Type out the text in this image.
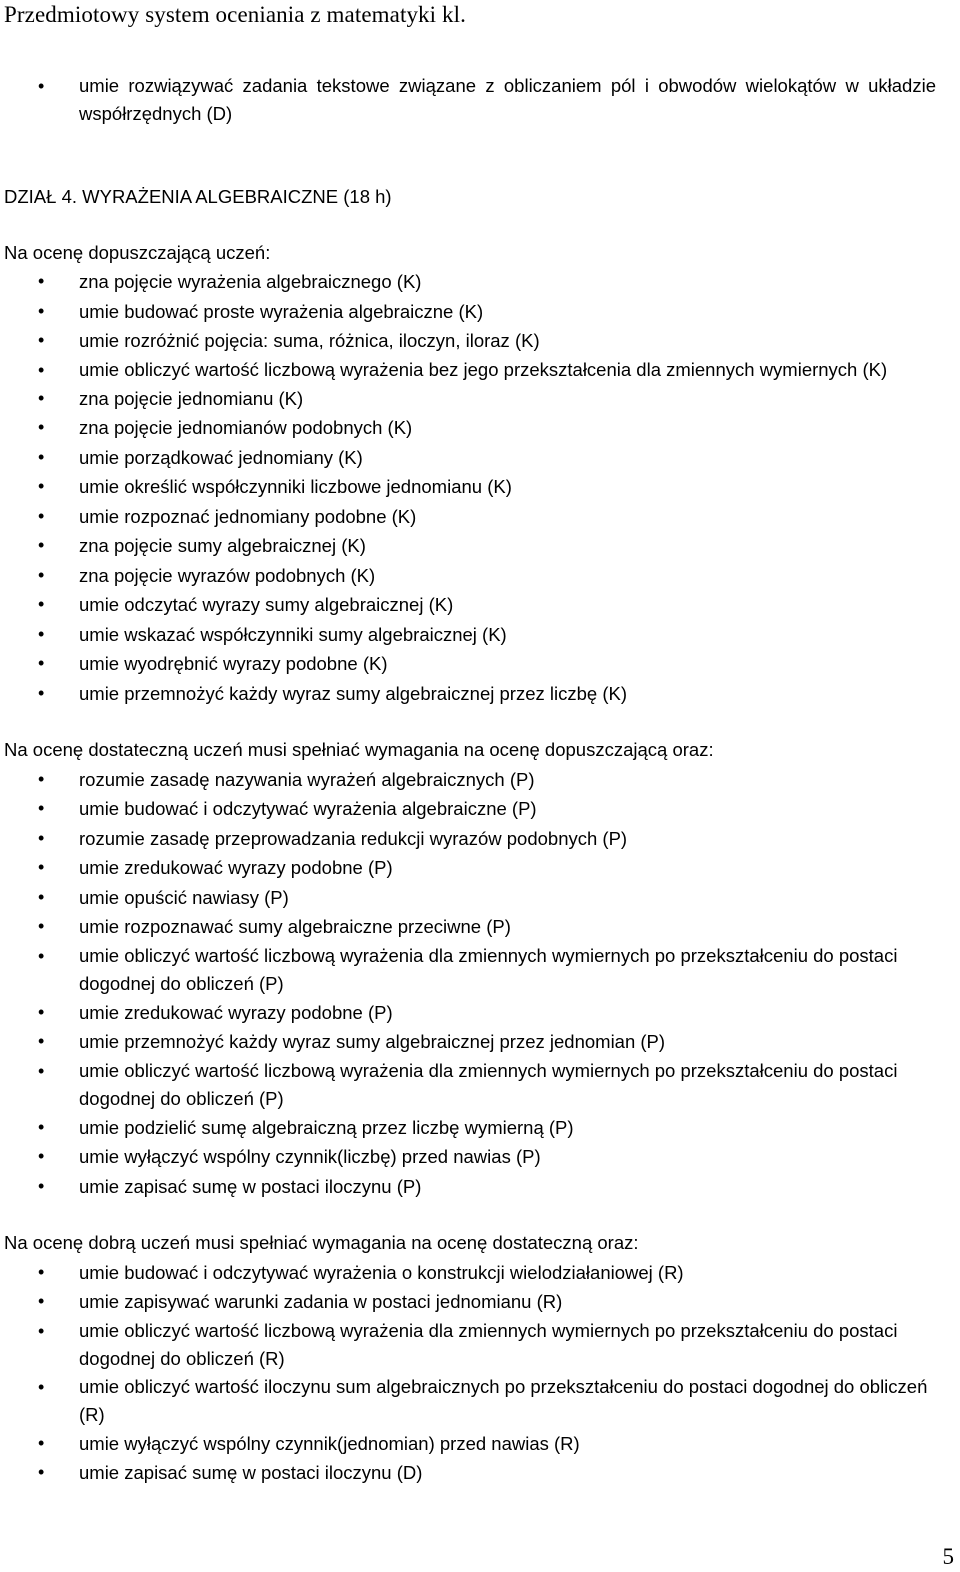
Przedmiotowy system oceniania z matematyki kl.
• umie rozwiązywać zadania tekstowe związane z obliczaniem pól i obwodów wielokątów w układzie współrzędnych (D)
DZIAŁ 4. WYRAŻENIA ALGEBRAICZNE (18 h)
Na ocenę dopuszczającą uczeń:
• zna pojęcie wyrażenia algebraicznego (K)
• umie budować proste wyrażenia algebraiczne (K)
• umie rozróżnić pojęcia: suma, różnica, iloczyn, iloraz (K)
• umie obliczyć wartość liczbową wyrażenia bez jego przekształcenia dla zmiennych wymiernych (K)
• zna pojęcie jednomianu (K)
• zna pojęcie jednomianów podobnych (K)
• umie porządkować jednomiany (K)
• umie określić współczynniki liczbowe jednomianu (K)
• umie rozpoznać jednomiany podobne (K)
• zna pojęcie sumy algebraicznej (K)
• zna pojęcie wyrazów podobnych (K)
• umie odczytać wyrazy sumy algebraicznej (K)
• umie wskazać współczynniki sumy algebraicznej (K)
• umie wyodrębnić wyrazy podobne (K)
• umie przemnożyć każdy wyraz sumy algebraicznej przez liczbę (K)
Na ocenę dostateczną uczeń musi spełniać wymagania na ocenę dopuszczającą oraz:
• rozumie zasadę nazywania wyrażeń algebraicznych (P)
• umie budować i odczytywać wyrażenia algebraiczne (P)
• rozumie zasadę przeprowadzania redukcji wyrazów podobnych (P)
• umie zredukować wyrazy podobne (P)
• umie opuścić nawiasy (P)
• umie rozpoznawać sumy algebraiczne przeciwne (P)
• umie obliczyć wartość liczbową wyrażenia dla zmiennych wymiernych po przekształceniu do postaci dogodnej do obliczeń (P)
• umie zredukować wyrazy podobne (P)
• umie przemnożyć każdy wyraz sumy algebraicznej przez jednomian (P)
• umie obliczyć wartość liczbową wyrażenia dla zmiennych wymiernych po przekształceniu do postaci dogodnej do obliczeń (P)
• umie podzielić sumę algebraiczną przez liczbę wymierną (P)
• umie wyłączyć wspólny czynnik(liczbę) przed nawias (P)
• umie zapisać sumę w postaci iloczynu (P)
Na ocenę dobrą uczeń musi spełniać wymagania na ocenę dostateczną oraz:
• umie budować i odczytywać wyrażenia o konstrukcji wielodziałaniowej (R)
• umie zapisywać warunki zadania w postaci jednomianu (R)
• umie obliczyć wartość liczbową wyrażenia dla zmiennych wymiernych po przekształceniu do postaci dogodnej do obliczeń (R)
• umie obliczyć wartość iloczynu sum algebraicznych po przekształceniu do postaci dogodnej do obliczeń (R)
• umie wyłączyć wspólny czynnik(jednomian) przed nawias (R)
• umie zapisać sumę w postaci iloczynu (D)
5
